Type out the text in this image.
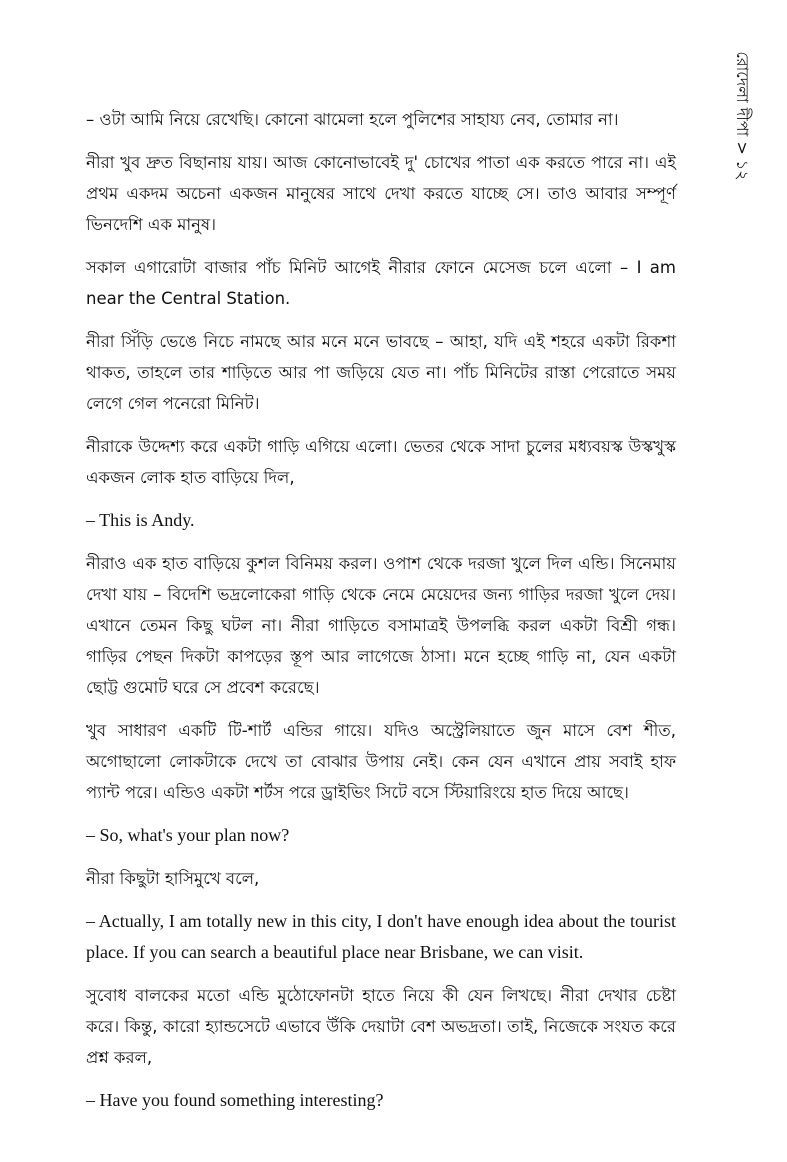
রোদেলা দীপা > ১২

– ওটা আমি নিয়ে রেখেছি। কোনো ঝামেলা হলে পুলিশের সাহায্য নেব, তোমার না।

নীরা খুব দ্রুত বিছানায় যায়। আজ কোনোভাবেই দু' চোখের পাতা এক করতে পারে না। এই প্রথম একদম অচেনা একজন মানুষের সাথে দেখা করতে যাচ্ছে সে। তাও আবার সম্পূর্ণ ভিনদেশি এক মানুষ।

সকাল এগারোটা বাজার পাঁচ মিনিট আগেই নীরার ফোনে মেসেজ চলে এলো – I am near the Central Station.

নীরা সিঁড়ি ভেঙে নিচে নামছে আর মনে মনে ভাবছে – আহা, যদি এই শহরে একটা রিকশা থাকত, তাহলে তার শাড়িতে আর পা জড়িয়ে যেত না। পাঁচ মিনিটের রাস্তা পেরোতে সময় লেগে গেল পনেরো মিনিট।

নীরাকে উদ্দেশ্য করে একটা গাড়ি এগিয়ে এলো। ভেতর থেকে সাদা চুলের মধ্যবয়স্ক উস্কখুস্ক একজন লোক হাত বাড়িয়ে দিল,

– This is Andy.

নীরাও এক হাত বাড়িয়ে কুশল বিনিময় করল। ওপাশ থেকে দরজা খুলে দিল এন্ডি। সিনেমায় দেখা যায় – বিদেশি ভদ্রলোকেরা গাড়ি থেকে নেমে মেয়েদের জন্য গাড়ির দরজা খুলে দেয়। এখানে তেমন কিছু ঘটল না। নীরা গাড়িতে বসামাত্রই উপলব্ধি করল একটা বিশ্রী গন্ধ। গাড়ির পেছন দিকটা কাপড়ের স্তূপ আর লাগেজে ঠাসা। মনে হচ্ছে গাড়ি না, যেন একটা ছোট্ট গুমোট ঘরে সে প্রবেশ করেছে।

খুব সাধারণ একটি টি-শার্ট এন্ডির গায়ে। যদিও অস্ট্রেলিয়াতে জুন মাসে বেশ শীত, অগোছালো লোকটাকে দেখে তা বোঝার উপায় নেই। কেন যেন এখানে প্রায় সবাই হাফ প্যান্ট পরে। এন্ডিও একটা শর্টস পরে ড্রাইভিং সিটে বসে স্টিয়ারিংয়ে হাত দিয়ে আছে।

– So, what's your plan now?

নীরা কিছুটা হাসিমুখে বলে,

– Actually, I am totally new in this city, I don't have enough idea about the tourist place. If you can search a beautiful place near Brisbane, we can visit.

সুবোধ বালকের মতো এন্ডি মুঠোফোনটা হাতে নিয়ে কী যেন লিখছে। নীরা দেখার চেষ্টা করে। কিন্তু, কারো হ্যান্ডসেটে এভাবে উঁকি দেয়াটা বেশ অভদ্রতা। তাই, নিজেকে সংযত করে প্রশ্ন করল,

– Have you found something interesting?
